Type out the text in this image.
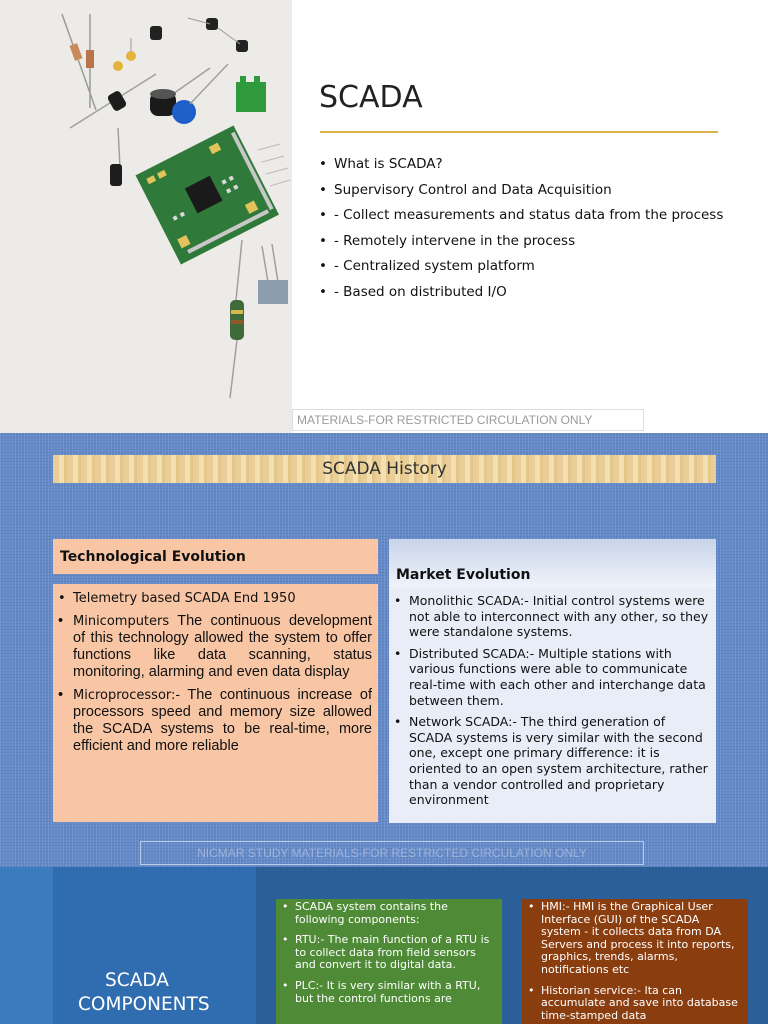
SCADA
• What is SCADA?
• Supervisory Control and Data Acquisition
• - Collect measurements and status data from the process
• - Remotely intervene in the process
• - Centralized system platform
• - Based on distributed I/O
MATERIALS-FOR RESTRICTED CIRCULATION ONLY
SCADA History
Technological Evolution
• Telemetry based SCADA End 1950
• Minicomputers The continuous development of this technology allowed the system to offer functions like data scanning, status monitoring, alarming and even data display
• Microprocessor:- The continuous increase of processors speed and memory size allowed the SCADA systems to be real-time, more efficient and more reliable
Market Evolution
• Monolithic SCADA:- Initial control systems were not able to interconnect with any other, so they were standalone systems.
• Distributed SCADA:- Multiple stations with various functions were able to communicate real-time with each other and interchange data between them.
• Network SCADA:- The third generation of SCADA systems is very similar with the second one, except one primary difference: it is oriented to an open system architecture, rather than a vendor controlled and proprietary environment
NICMAR STUDY MATERIALS-FOR RESTRICTED CIRCULATION ONLY
SCADA COMPONENTS
• SCADA system contains the following components:
• RTU:- The main function of a RTU is to collect data from field sensors and convert it to digital data.
• PLC:- It is very similar with a RTU, but the control functions are
• HMI:- HMI is the Graphical User Interface (GUI) of the SCADA system - it collects data from DA Servers and process it into reports, graphics, trends, alarms, notifications etc
• Historian service:- Ita can accumulate and save into database time-stamped data
